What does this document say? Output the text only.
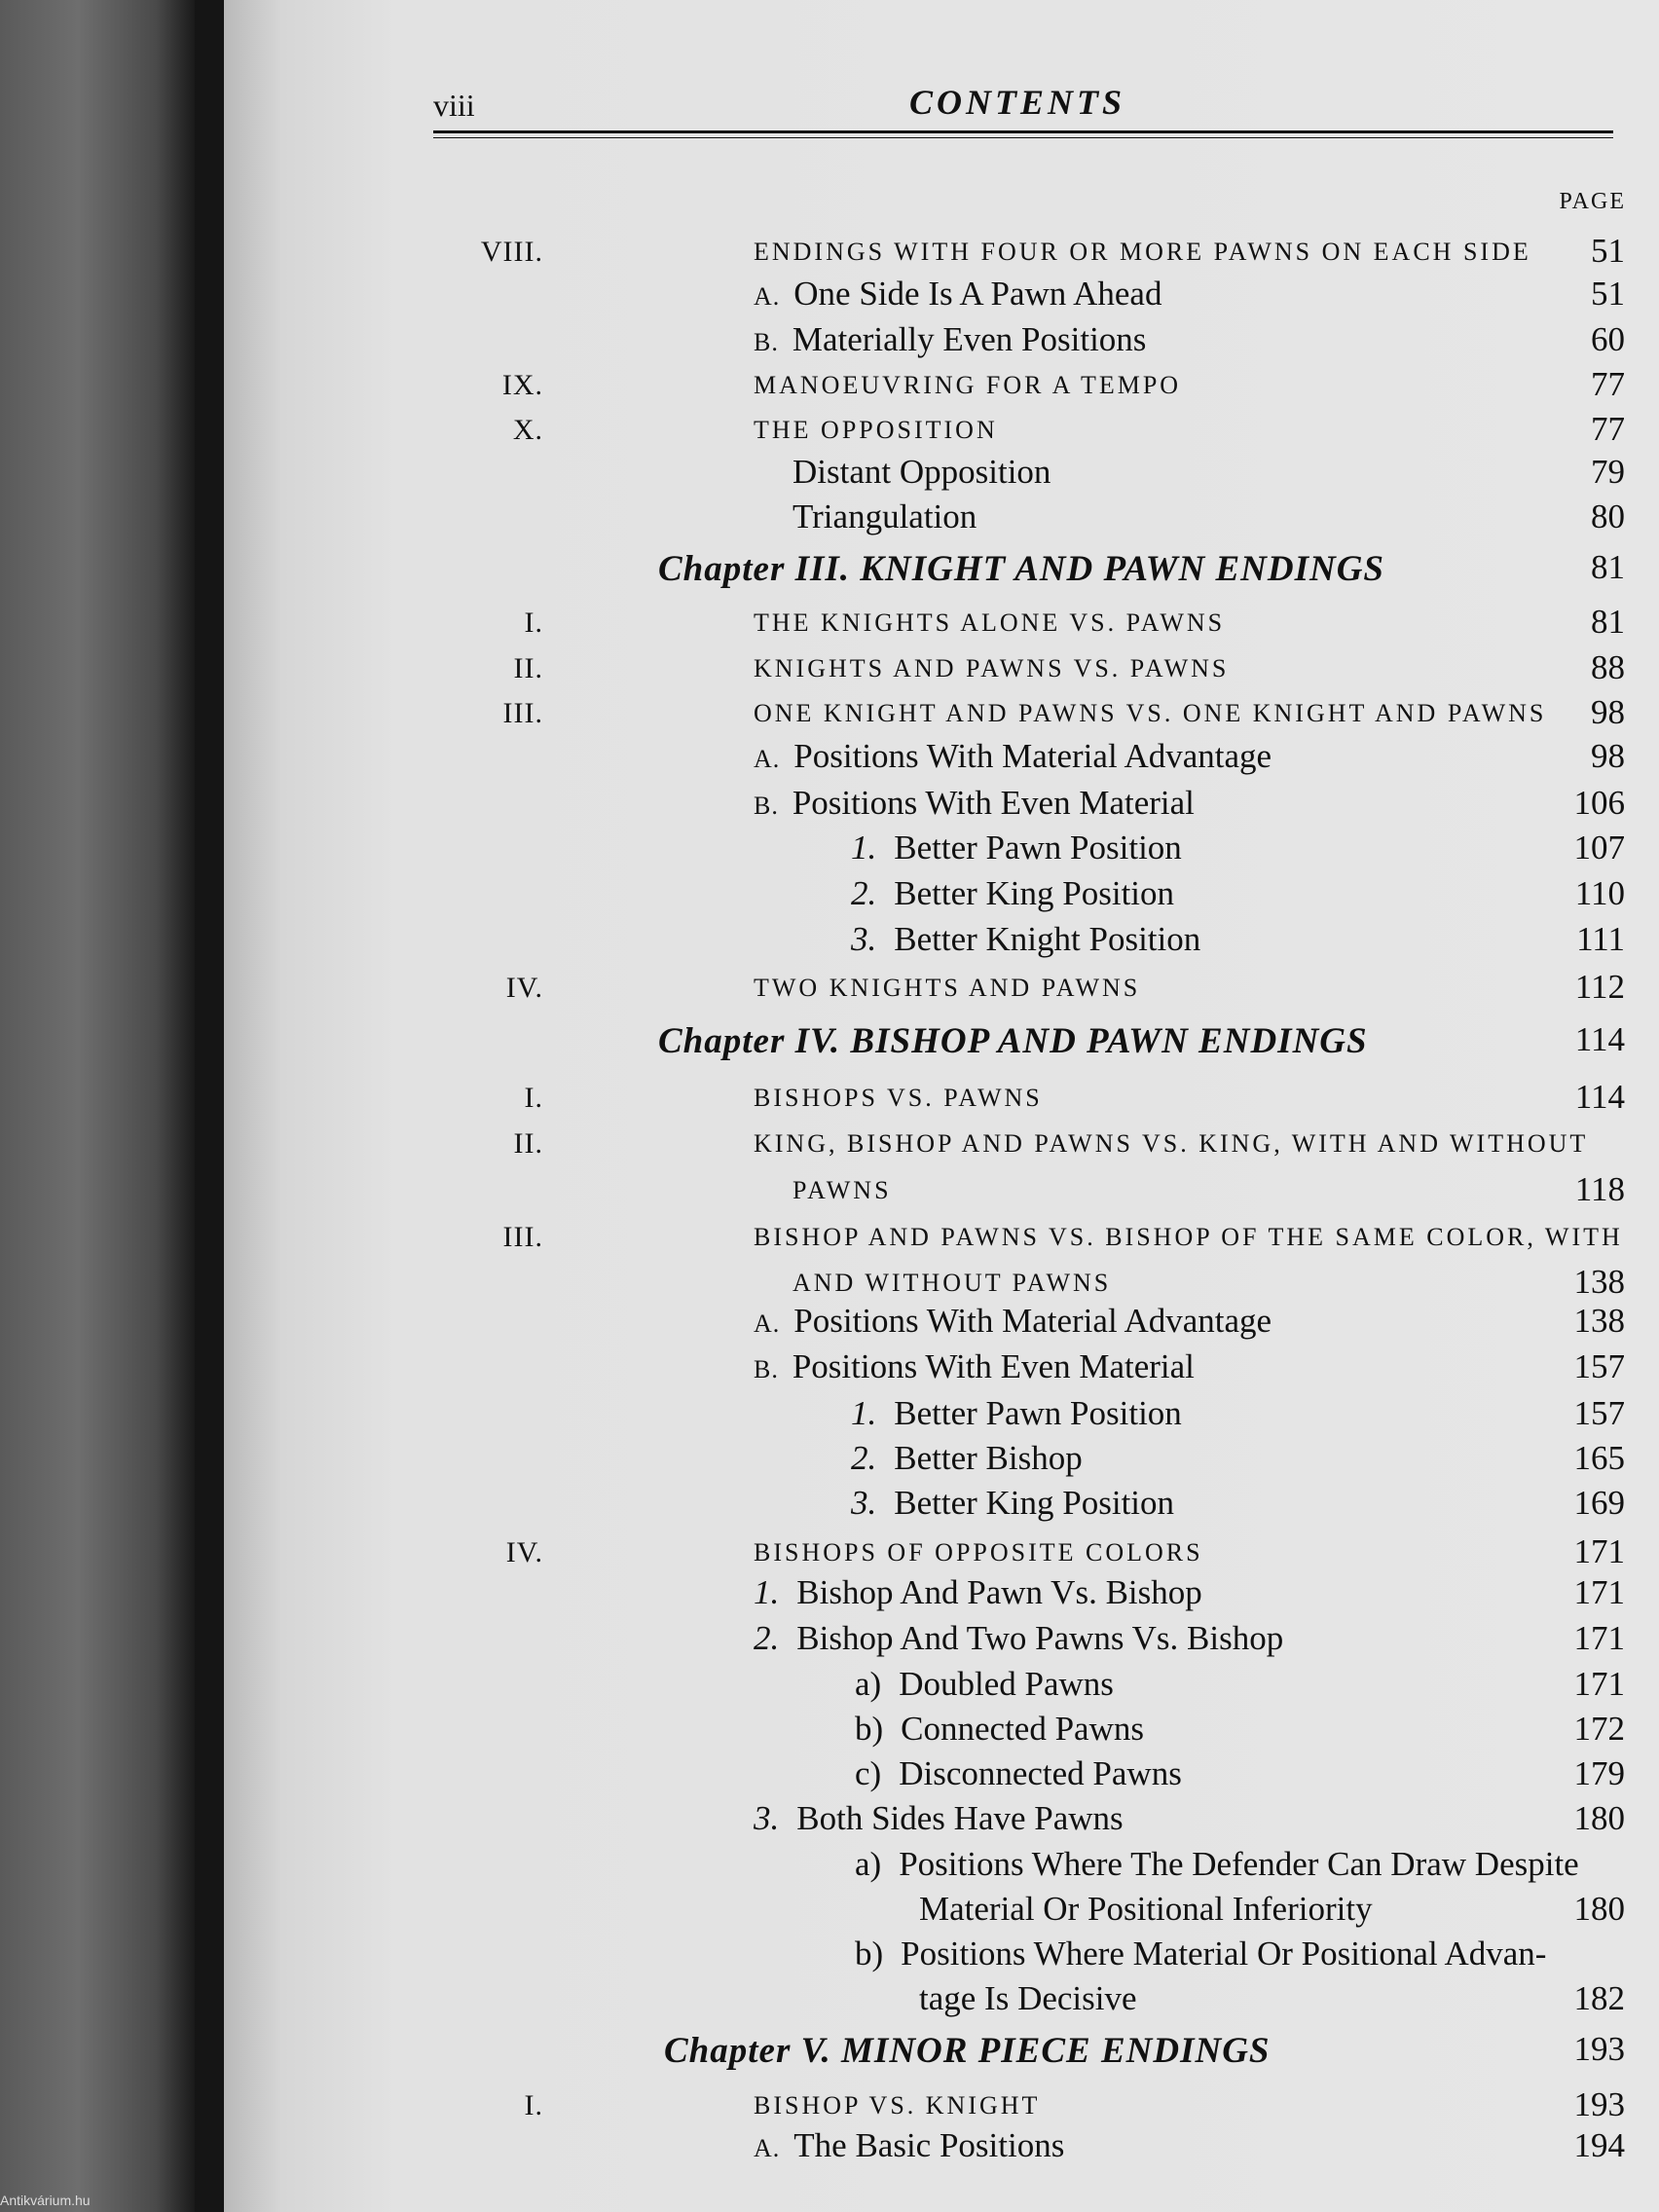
viii	CONTENTS
PAGE
VIII.	ENDINGS WITH FOUR OR MORE PAWNS ON EACH SIDE 51
A. One Side Is A Pawn Ahead	51
B. Materially Even Positions	60
IX.	MANOEUVRING FOR A TEMPO	77
X.	THE OPPOSITION	77
Distant Opposition	79
Triangulation	80
Chapter III. KNIGHT AND PAWN ENDINGS	81
I.	THE KNIGHTS ALONE VS. PAWNS	81
II.	KNIGHTS AND PAWNS VS. PAWNS	88
III.	ONE KNIGHT AND PAWNS VS. ONE KNIGHT AND PAWNS 98
A. Positions With Material Advantage	98
B. Positions With Even Material	106
1. Better Pawn Position	107
2. Better King Position	110
3. Better Knight Position	111
IV.	TWO KNIGHTS AND PAWNS	112
Chapter IV. BISHOP AND PAWN ENDINGS	114
I.	BISHOPS VS. PAWNS	114
II.	KING, BISHOP AND PAWNS VS. KING, WITH AND WITHOUT
PAWNS	118
III.	BISHOP AND PAWNS VS. BISHOP OF THE SAME COLOR, WITH
AND WITHOUT PAWNS	138
A. Positions With Material Advantage	138
B. Positions With Even Material	157
1. Better Pawn Position	157
2. Better Bishop	165
3. Better King Position	169
IV.	BISHOPS OF OPPOSITE COLORS	171
1. Bishop And Pawn Vs. Bishop	171
2. Bishop And Two Pawns Vs. Bishop	171
a) Doubled Pawns	171
b) Connected Pawns	172
c) Disconnected Pawns	179
3. Both Sides Have Pawns	180
a) Positions Where The Defender Can Draw Despite
Material Or Positional Inferiority	180
b) Positions Where Material Or Positional Advan-
tage Is Decisive	182
Chapter V. MINOR PIECE ENDINGS	193
I.	BISHOP VS. KNIGHT	193
A. The Basic Positions	194
Antikvárium.hu
